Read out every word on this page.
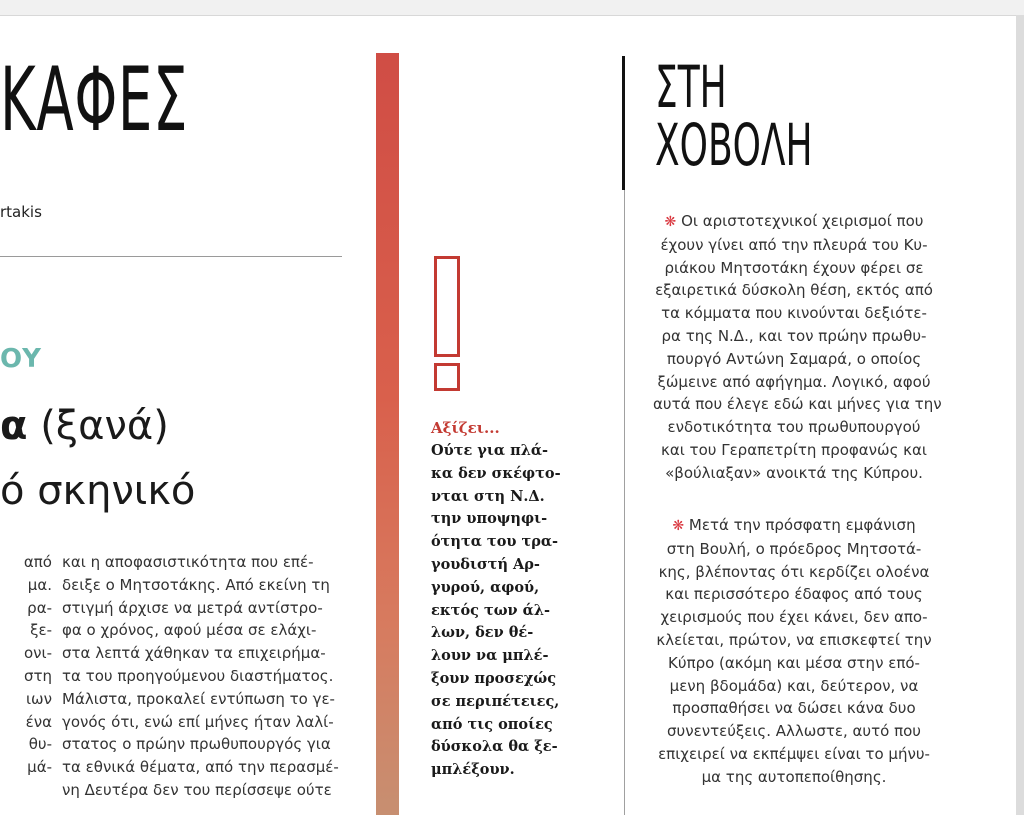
ΚΑΦΕΣ
rtakis
ΟΥ
α (ξανά)
ό σκηνικό
από
μα.
ρα-
ξε-
ονι-
στη
ιων
ένα
θυ-
μά-
και η αποφασιστικότητα που επέ-
δειξε ο Μητσοτάκης. Από εκείνη τη
στιγμή άρχισε να μετρά αντίστρο-
φα ο χρόνος, αφού μέσα σε ελάχι-
στα λεπτά χάθηκαν τα επιχειρήμα-
τα του προηγούμενου διαστήματος.
Μάλιστα, προκαλεί εντύπωση το γε-
γονός ότι, ενώ επί μήνες ήταν λαλί-
στατος ο πρώην πρωθυπουργός για
τα εθνικά θέματα, από την περασμέ-
νη Δευτέρα δεν του περίσσεψε ούτε
Αξίζει...
Ούτε για πλά-
κα δεν σκέφτο-
νται στη Ν.Δ.
την υποψηφι-
ότητα του τρα-
γουδιστή Αρ-
γυρού, αφού,
εκτός των άλ-
λων, δεν θέ-
λουν να μπλέ-
ξουν προσεχώς
σε περιπέτειες,
από τις οποίες
δύσκολα θα ξε-
μπλέξουν.
ΣΤΗ
ΧΟΒΟΛΗ
❋ Οι αριστοτεχνικοί χειρισμοί που
έχουν γίνει από την πλευρά του Κυ-
ριάκου Μητσοτάκη έχουν φέρει σε
εξαιρετικά δύσκολη θέση, εκτός από
τα κόμματα που κινούνται δεξιότε-
ρα της Ν.Δ., και τον πρώην πρωθυ-
πουργό Αντώνη Σαμαρά, ο οποίος
ξώμεινε από αφήγημα. Λογικό, αφού
αυτά που έλεγε εδώ και μήνες για την
ενδοτικότητα του πρωθυπουργού
και του Γεραπετρίτη προφανώς και
«βούλιαξαν» ανοικτά της Κύπρου.
❋ Μετά την πρόσφατη εμφάνιση
στη Βουλή, ο πρόεδρος Μητσοτά-
κης, βλέποντας ότι κερδίζει ολοένα
και περισσότερο έδαφος από τους
χειρισμούς που έχει κάνει, δεν απο-
κλείεται, πρώτον, να επισκεφτεί την
Κύπρο (ακόμη και μέσα στην επό-
μενη βδομάδα) και, δεύτερον, να
προσπαθήσει να δώσει κάνα δυο
συνεντεύξεις. Αλλωστε, αυτό που
επιχειρεί να εκπέμψει είναι το μήνυ-
μα της αυτοπεποίθησης.
